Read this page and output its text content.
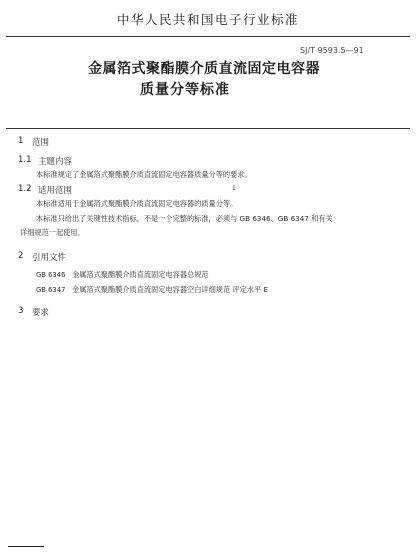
中华人民共和国电子行业标准
SJ/T 9593.5—91
金属箔式聚酯膜介质直流固定电容器
质量分等标准
1 范围
1.1 主题内容
本标准规定了金属箔式聚酯膜介质直流固定电容器质量分等的要求。
1.2 适用范围	1
本标准适用于金属箔式聚酯膜介质直流固定电容器的质量分等。
本标准只给出了关键性技术指标，不是一个完整的标准，必须与 GB 6346、GB 6347 和有关
详细规范一起使用。
2 引用文件
GB 6346 金属箔式聚酯膜介质直流固定电容器总规范
GB 6347 金属箔式聚酯膜介质直流固定电容器空白详细规范 评定水平 E
3 要求
